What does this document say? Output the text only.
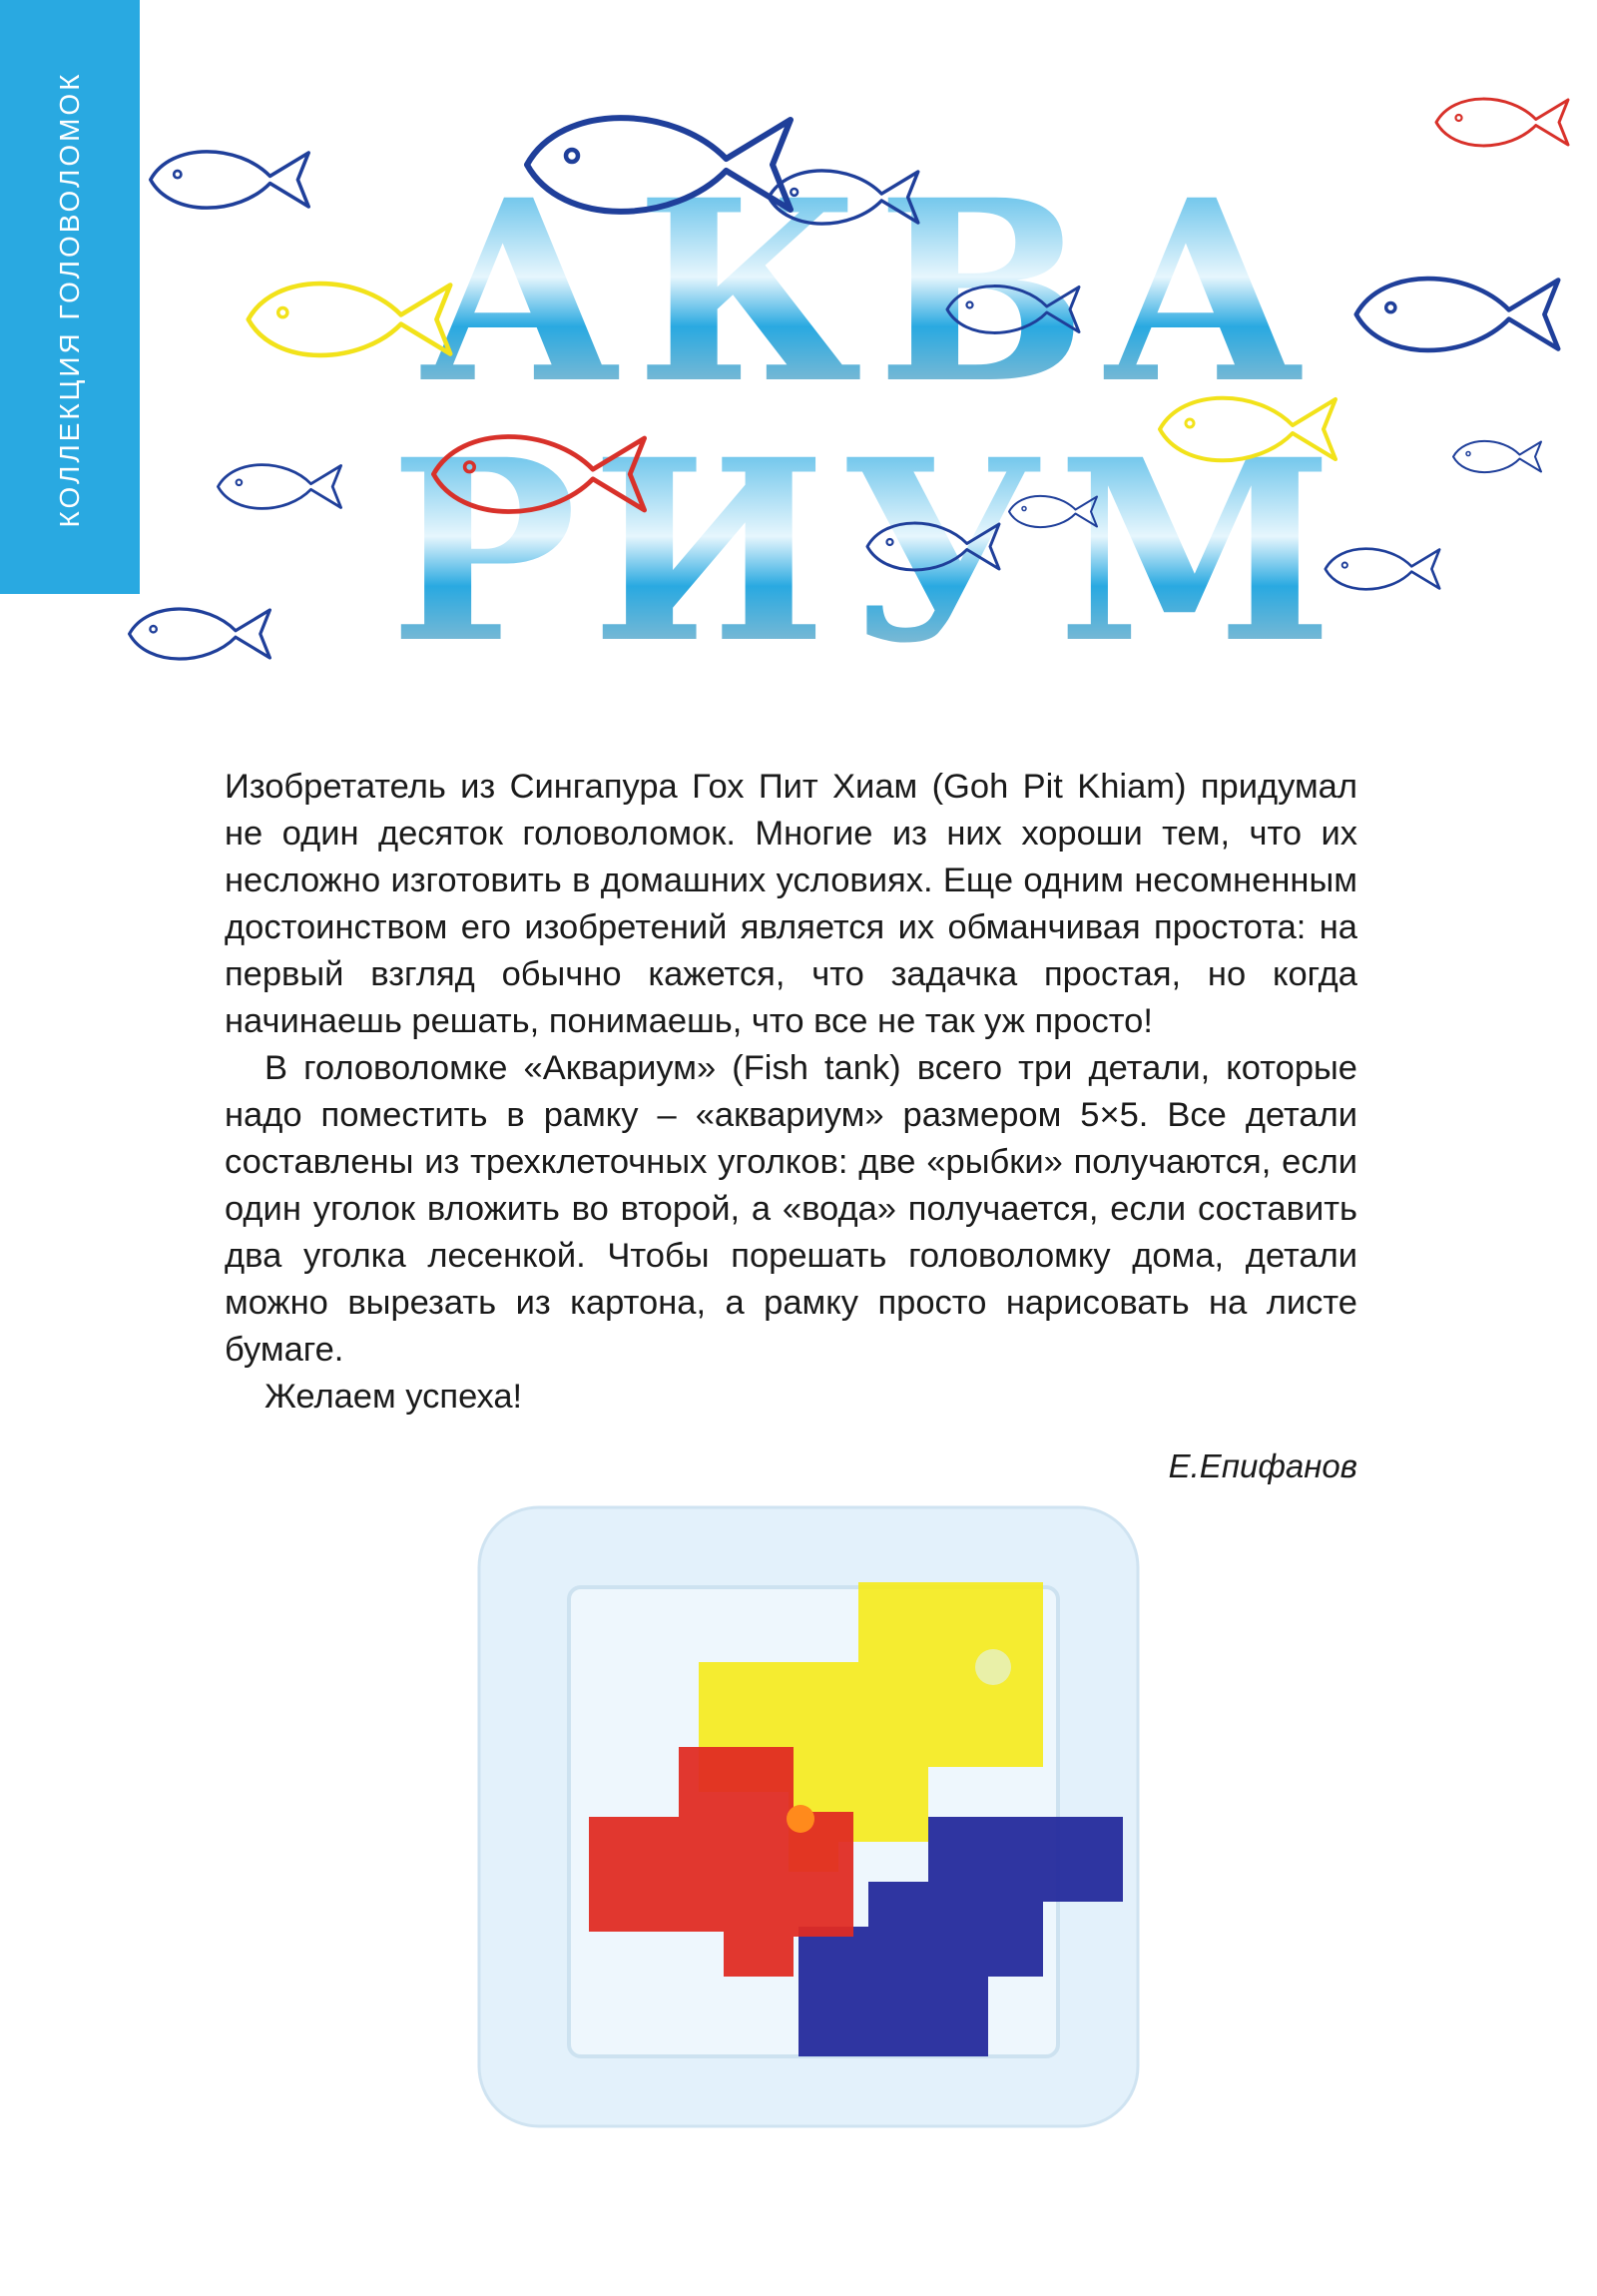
КОЛЛЕКЦИЯ ГОЛОВОЛОМОК АКВА
РИУМ

Изобретатель из Сингапура Гох Пит Хиам (Goh Pit Khiam) придумал не один десяток головоломок. Многие из них хороши тем, что их несложно изготовить в домашних условиях. Еще одним несомненным достоинством его изобретений является их обманчивая простота: на первый взгляд обычно кажется, что задачка простая, но когда начинаешь решать, понимаешь, что все не так уж просто!

В головоломке «Аквариум» (Fish tank) всего три детали, которые надо поместить в рамку – «аквариум» размером 5×5. Все детали составлены из трехклеточных уголков: две «рыбки» получаются, если один уголок вложить во второй, а «вода» получается, если составить два уголка лесенкой. Чтобы порешать головоломку дома, детали можно вырезать из картона, а рамку просто нарисовать на листе бумаге.

Желаем успеха!

Е.Епифанов
